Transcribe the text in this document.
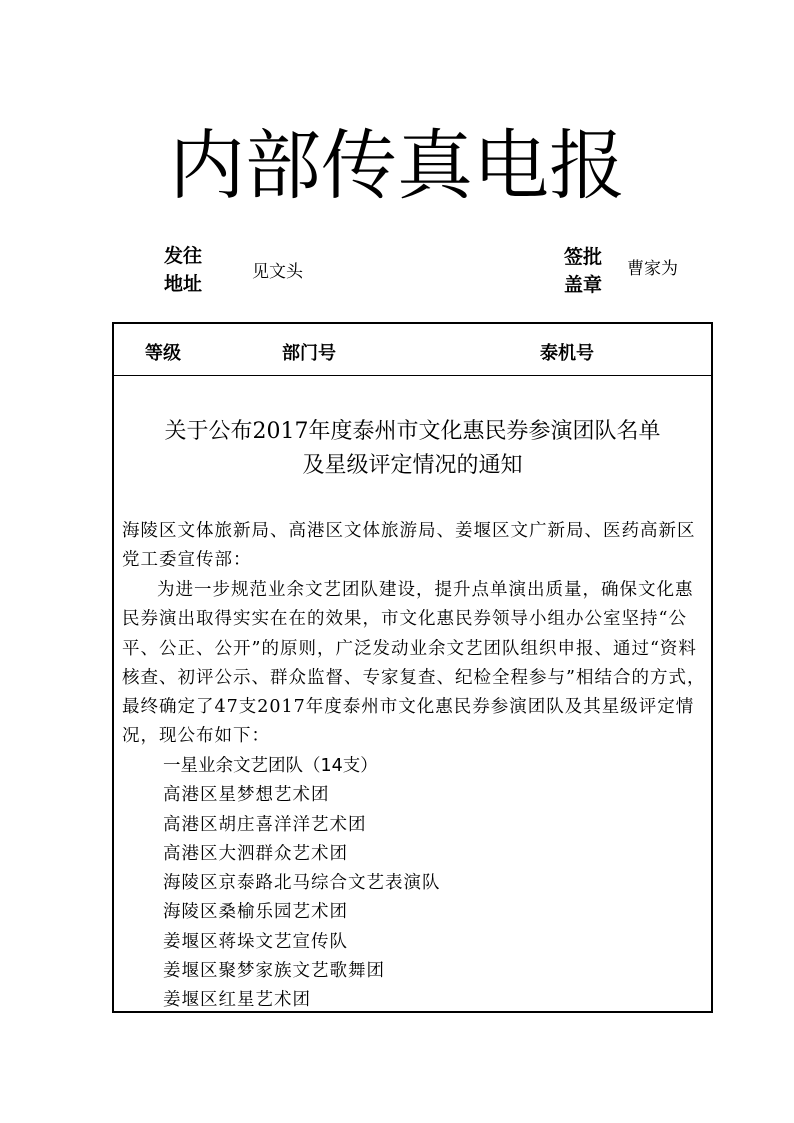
内部传真电报
发往
地址
见文头
签批
盖章
曹家为
等级	部门号	泰机号
关于公布2017年度泰州市文化惠民券参演团队名单
及星级评定情况的通知
海陵区文体旅新局、高港区文体旅游局、姜堰区文广新局、医药高新区党工委宣传部：
为进一步规范业余文艺团队建设，提升点单演出质量，确保文化惠民券演出取得实实在在的效果，市文化惠民券领导小组办公室坚持“公平、公正、公开”的原则，广泛发动业余文艺团队组织申报、通过“资料核查、初评公示、群众监督、专家复查、纪检全程参与”相结合的方式，最终确定了47支2017年度泰州市文化惠民券参演团队及其星级评定情况，现公布如下：
一星业余文艺团队（14支）
高港区星梦想艺术团
高港区胡庄喜洋洋艺术团
高港区大泗群众艺术团
海陵区京泰路北马综合文艺表演队
海陵区桑榆乐园艺术团
姜堰区蒋垛文艺宣传队
姜堰区聚梦家族文艺歌舞团
姜堰区红星艺术团
